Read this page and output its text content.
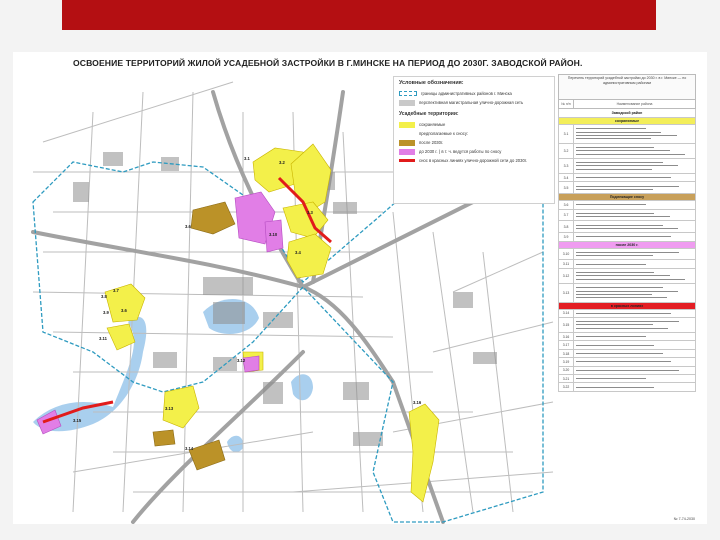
3.1
3.2
3.3
3.4
3.6
3.6
3.7
3.8
3.9
3.10
3.11
3.12
3.13
3.14
3.15
3.16
ОСВОЕНИЕ ТЕРРИТОРИЙ ЖИЛОЙ УСАДЕБНОЙ ЗАСТРОЙКИ В Г.МИНСКЕ НА ПЕРИОД ДО 2030Г. ЗАВОДСКОЙ РАЙОН.
Условные обозначения:
границы административных районов г. Минска
перспективная магистральная улично-дорожная сеть
Усадебные территории:
сохраняемые
предполагаемые к сносу:
после 2030г.
до 2030 г. ( в т. ч. ведутся работы по сносу
снос в красных линиях улично-дорожной сети до 2030г.
Перечень территорий усадебной застройки до 2030 г. в г. Минске — по административным районам
№ п/п	Наименование района
Заводской район
сохраняемые
3.1
3.2
3.3
3.4
3.5
Подлежащие сносу
3.6
3.7
3.8
3.9
после 2030 г.
3.10
3.11
3.12
3.13
в красных линиях
3.14
3.15
3.16
3.17
3.18
3.19
3.20
3.21
3.22
№ 7-74-2030
